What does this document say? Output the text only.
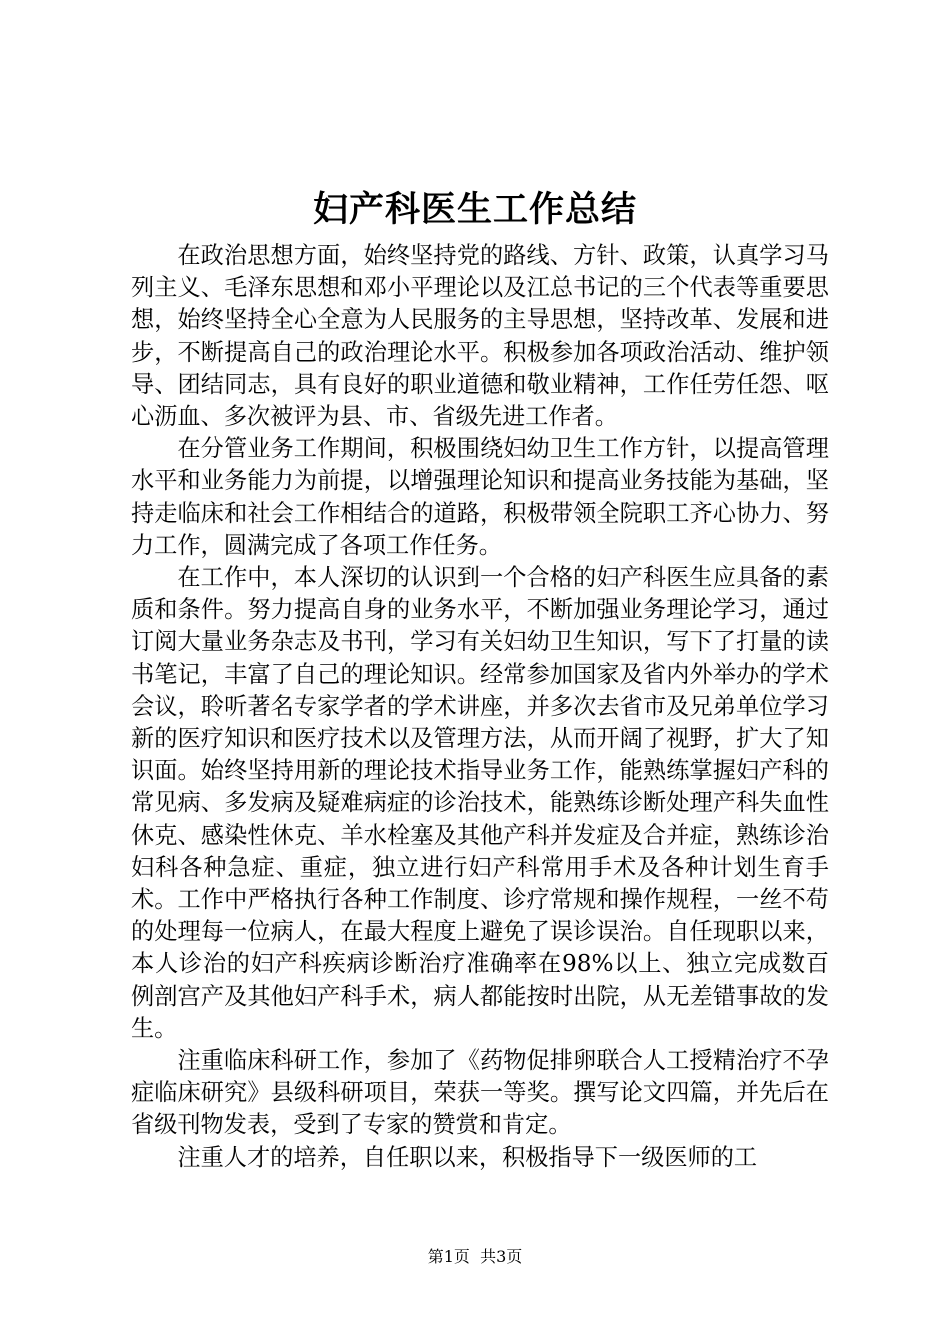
妇产科医生工作总结

在政治思想方面，始终坚持党的路线、方针、政策，认真学习马列主义、毛泽东思想和邓小平理论以及江总书记的三个代表等重要思想，始终坚持全心全意为人民服务的主导思想，坚持改革、发展和进步，不断提高自己的政治理论水平。积极参加各项政治活动、维护领导、团结同志，具有良好的职业道德和敬业精神，工作任劳任怨、呕心沥血、多次被评为县、市、省级先进工作者。

在分管业务工作期间，积极围绕妇幼卫生工作方针，以提高管理水平和业务能力为前提，以增强理论知识和提高业务技能为基础，坚持走临床和社会工作相结合的道路，积极带领全院职工齐心协力、努力工作，圆满完成了各项工作任务。

在工作中，本人深切的认识到一个合格的妇产科医生应具备的素质和条件。努力提高自身的业务水平，不断加强业务理论学习，通过订阅大量业务杂志及书刊，学习有关妇幼卫生知识，写下了打量的读书笔记，丰富了自己的理论知识。经常参加国家及省内外举办的学术会议，聆听著名专家学者的学术讲座，并多次去省市及兄弟单位学习新的医疗知识和医疗技术以及管理方法，从而开阔了视野，扩大了知识面。始终坚持用新的理论技术指导业务工作，能熟练掌握妇产科的常见病、多发病及疑难病症的诊治技术，能熟练诊断处理产科失血性休克、感染性休克、羊水栓塞及其他产科并发症及合并症，熟练诊治妇科各种急症、重症，独立进行妇产科常用手术及各种计划生育手术。工作中严格执行各种工作制度、诊疗常规和操作规程，一丝不苟的处理每一位病人，在最大程度上避免了误诊误治。自任现职以来，本人诊治的妇产科疾病诊断治疗准确率在98%以上、独立完成数百例剖宫产及其他妇产科手术，病人都能按时出院，从无差错事故的发生。

注重临床科研工作，参加了《药物促排卵联合人工授精治疗不孕症临床研究》县级科研项目，荣获一等奖。撰写论文四篇，并先后在省级刊物发表，受到了专家的赞赏和肯定。

注重人才的培养，自任职以来，积极指导下一级医师的工

第1页  共3页
